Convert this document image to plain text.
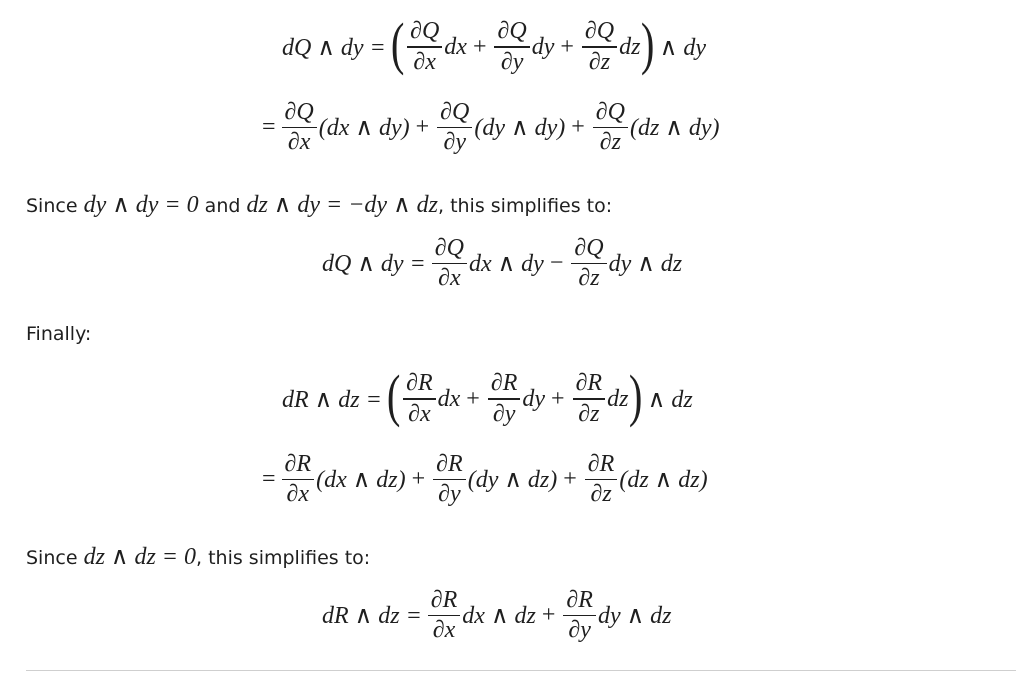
dQ ∧ dy = ( $\frac{\partial Q}{\partial x}$ dx + $\frac{\partial Q}{\partial y}$ dy + $\frac{\partial Q}{\partial z}$ dz ) ∧ dy
= $\frac{\partial Q}{\partial x} (dx$ ∧ $dy) + \frac{\partial Q}{\partial y} (dy$ ∧ $dy) + \frac{\partial Q}{\partial z} (dz$ ∧ dy)
Since dy ∧ dy = 0 and dz ∧ dy = −dy ∧ dz, this simplifies to:
dQ ∧ dy = $\frac{\partial Q}{\partial x}$ dx ∧ dy − $\frac{\partial Q}{\partial z}$ dy ∧ dz
Finally:
dR ∧ dz = ( $\frac{\partial R}{\partial x}$ dx + $\frac{\partial R}{\partial y}$ dy + $\frac{\partial R}{\partial z}$ dz ) ∧ dz
= $\frac{\partial R}{\partial x} (dx$ ∧ $dz) + \frac{\partial R}{\partial y} (dy$ ∧ $dz) + \frac{\partial R}{\partial z} (dz$ ∧ dz)
Since dz ∧ dz = 0, this simplifies to:
dR ∧ dz = $\frac{\partial R}{\partial x}$ dx ∧ dz + $\frac{\partial R}{\partial y}$ dy ∧ dz
